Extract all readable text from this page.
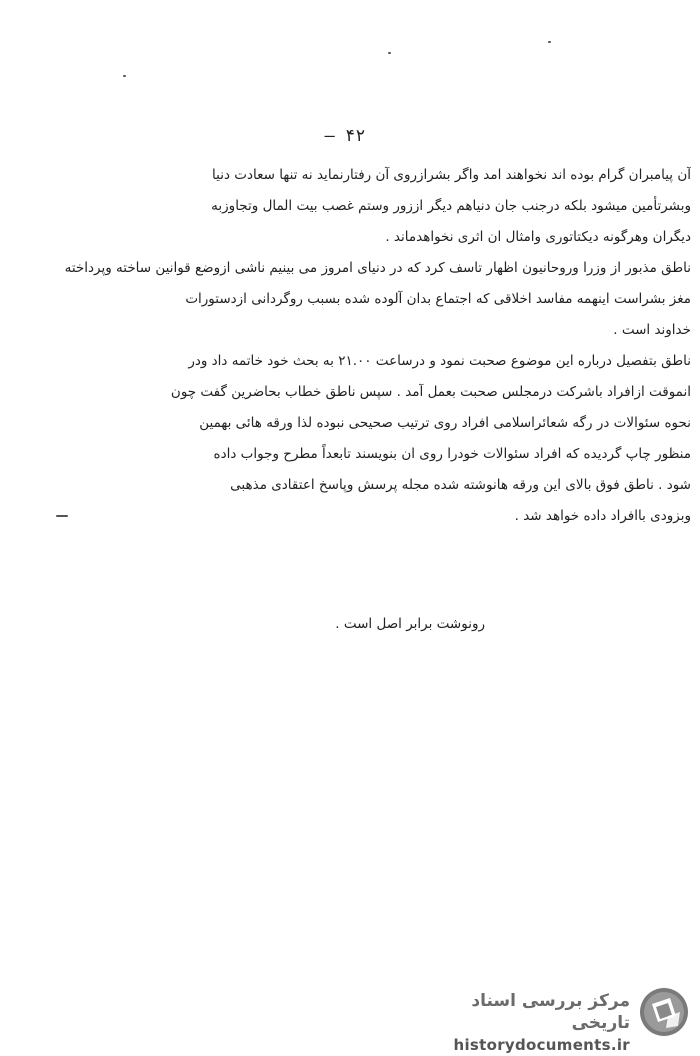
— ۴۲
آن پیامبران گرام بوده اند نخواهند امد واگر بشرازروی آن رفتارنماید نه تنها سعادت دنیا
وبشرتأمین میشود بلکه درجنب جان دنیاهم دیگر اززور وستم غصب بیت المال وتجاوزبه
دیگران وهرگونه دیکتاتوری وامثال ان اثری نخواهدماند .
ناطق مذبور از وزرا وروحانیون اظهار تاسف کرد که در دنیای امروز می بینیم ناشی ازوضع قوانین ساخته وپرداخته
مغز بشراست اینهمه مفاسد اخلاقی که اجتماع بدان آلوده شده بسبب روگردانی ازدستورات
خداوند است .
ناطق بتفصیل درباره این موضوع صحبت نمود و درساعت ۲۱.۰۰ به بحث خود خاتمه داد ودر
انموقت ازافراد باشرکت درمجلس صحبت بعمل آمد . سپس ناطق خطاب بحاضرین گفت چون
نحوه سئوالات در رگه شعائراسلامی افراد روی ترتیب صحیحی نبوده لذا ورقه هائی بهمین
منظور چاپ گردیده که افراد سئوالات خودرا روی ان بنویسند تابعداً مطرح وجواب داده
شود . ناطق فوق بالای این ورقه هانوشته شده مجله پرسش وپاسخ اعتقادی مذهبی
وبزودی باافراد داده خواهد شد .
رونوشت برابر اصل است .
مرکز بررسی اسناد تاریخی
historydocuments.ir
